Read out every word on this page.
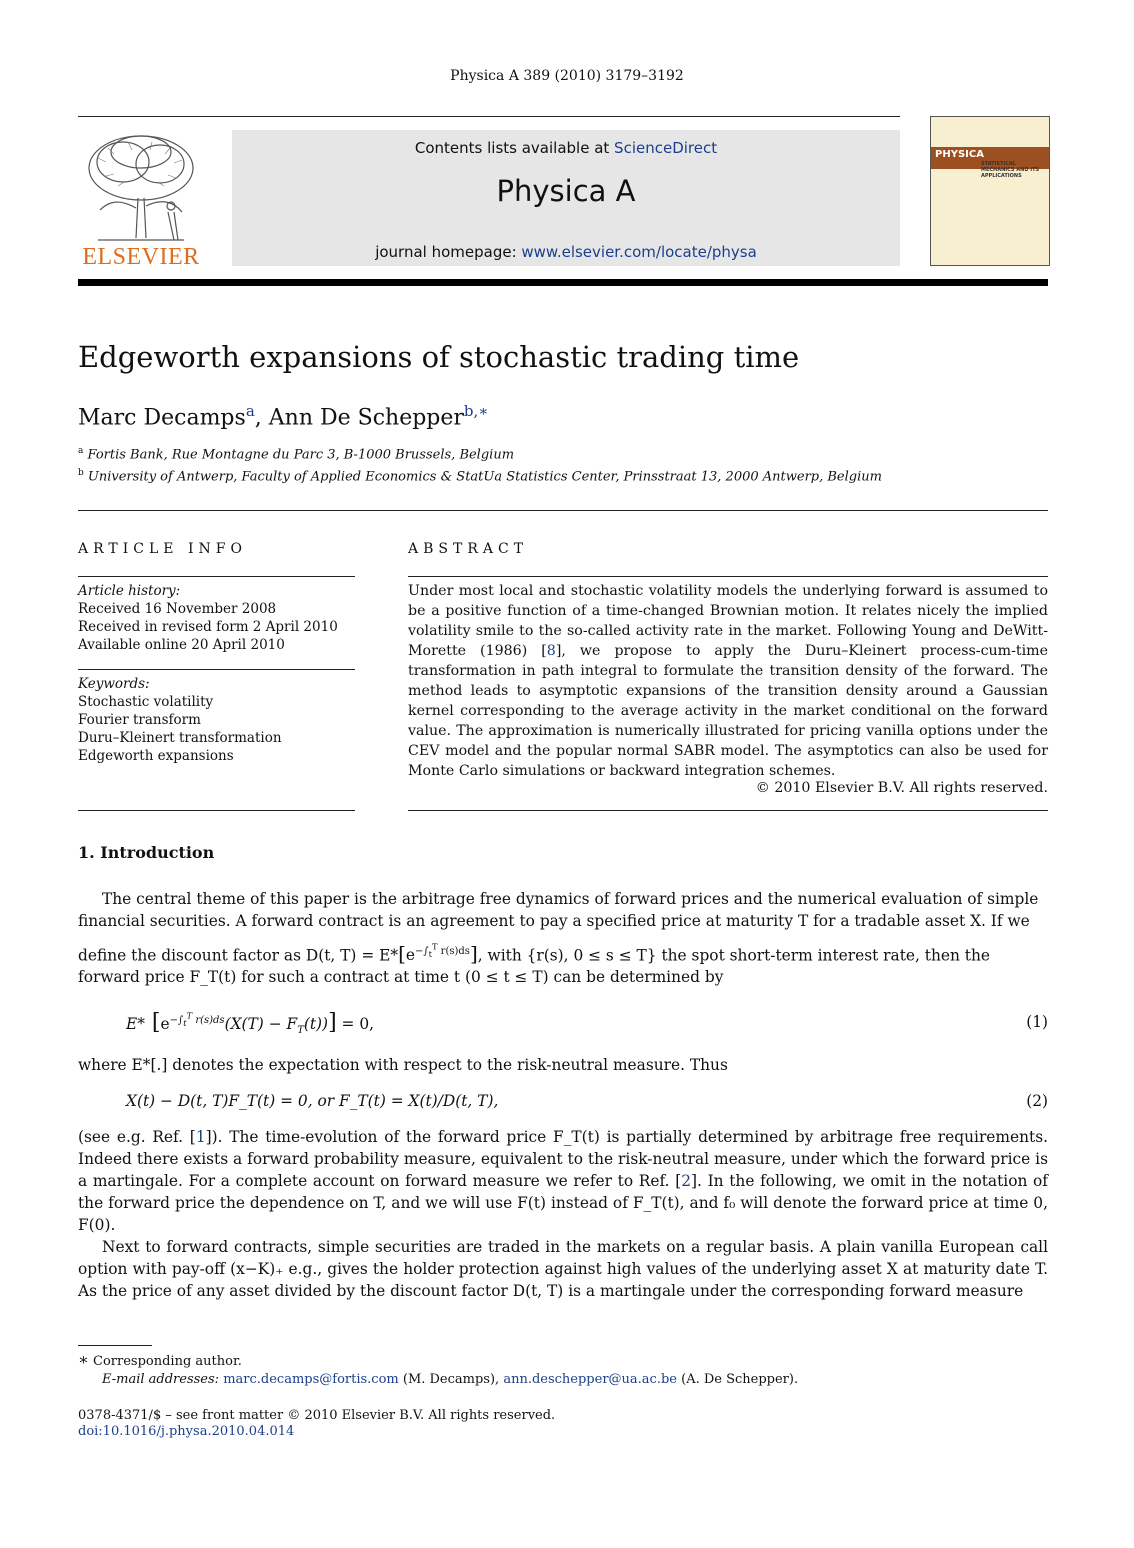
Physica A 389 (2010) 3179–3192
ELSEVIER
Contents lists available at ScienceDirect
Physica A
journal homepage: www.elsevier.com/locate/physa
PHYSICA
STATISTICAL MECHANICS AND ITS APPLICATIONS
Edgeworth expansions of stochastic trading time
Marc Decamps$^a$, Ann De Schepper$^{b,∗}$
$^a$ Fortis Bank, Rue Montagne du Parc 3, B-1000 Brussels, Belgium
$^b$ University of Antwerp, Faculty of Applied Economics & StatUa Statistics Center, Prinsstraat 13, 2000 Antwerp, Belgium
ARTICLE INFO
Article history:
Received 16 November 2008
Received in revised form 2 April 2010
Available online 20 April 2010
Keywords:
Stochastic volatility
Fourier transform
Duru–Kleinert transformation
Edgeworth expansions
ABSTRACT
Under most local and stochastic volatility models the underlying forward is assumed to be a positive function of a time-changed Brownian motion. It relates nicely the implied volatility smile to the so-called activity rate in the market. Following Young and DeWitt-Morette (1986) [8], we propose to apply the Duru–Kleinert process-cum-time transformation in path integral to formulate the transition density of the forward. The method leads to asymptotic expansions of the transition density around a Gaussian kernel corresponding to the average activity in the market conditional on the forward value. The approximation is numerically illustrated for pricing vanilla options under the CEV model and the popular normal SABR model. The asymptotics can also be used for Monte Carlo simulations or backward integration schemes.
© 2010 Elsevier B.V. All rights reserved.
1. Introduction
The central theme of this paper is the arbitrage free dynamics of forward prices and the numerical evaluation of simple
financial securities. A forward contract is an agreement to pay a specified price at maturity T for a tradable asset X. If we
define the discount factor as D(t, $T) = E*[e^{-\int_t^T r(s)ds}]$, with {r(s), 0 ≤ s ≤ T} the spot short-term interest rate, then the
forward price F_T(t) for such a contract at time t (0 ≤ t ≤ T) can be determined by
E* $[e^{-\int_t^T r(s)ds}(X(T) - F_T(t))] = 0$,	(1)
where E*[.] denotes the expectation with respect to the risk-neutral measure. Thus
X(t) − D(t, T)F_T(t) = 0, or F_T(t) = X(t)/D(t, T),	(2)
(see e.g. Ref. [1]). The time-evolution of the forward price F_T(t) is partially determined by arbitrage free requirements. Indeed there exists a forward probability measure, equivalent to the risk-neutral measure, under which the forward price is a martingale. For a complete account on forward measure we refer to Ref. [2]. In the following, we omit in the notation of the forward price the dependence on T, and we will use F(t) instead of F_T(t), and f₀ will denote the forward price at time 0, F(0).
Next to forward contracts, simple securities are traded in the markets on a regular basis. A plain vanilla European call option with pay-off (x−K)₊ e.g., gives the holder protection against high values of the underlying asset X at maturity date T. As the price of any asset divided by the discount factor D(t, T) is a martingale under the corresponding forward measure
∗ Corresponding author.
E-mail addresses: marc.decamps@fortis.com (M. Decamps), ann.deschepper@ua.ac.be (A. De Schepper).
0378-4371/$ – see front matter © 2010 Elsevier B.V. All rights reserved.
doi:10.1016/j.physa.2010.04.014
